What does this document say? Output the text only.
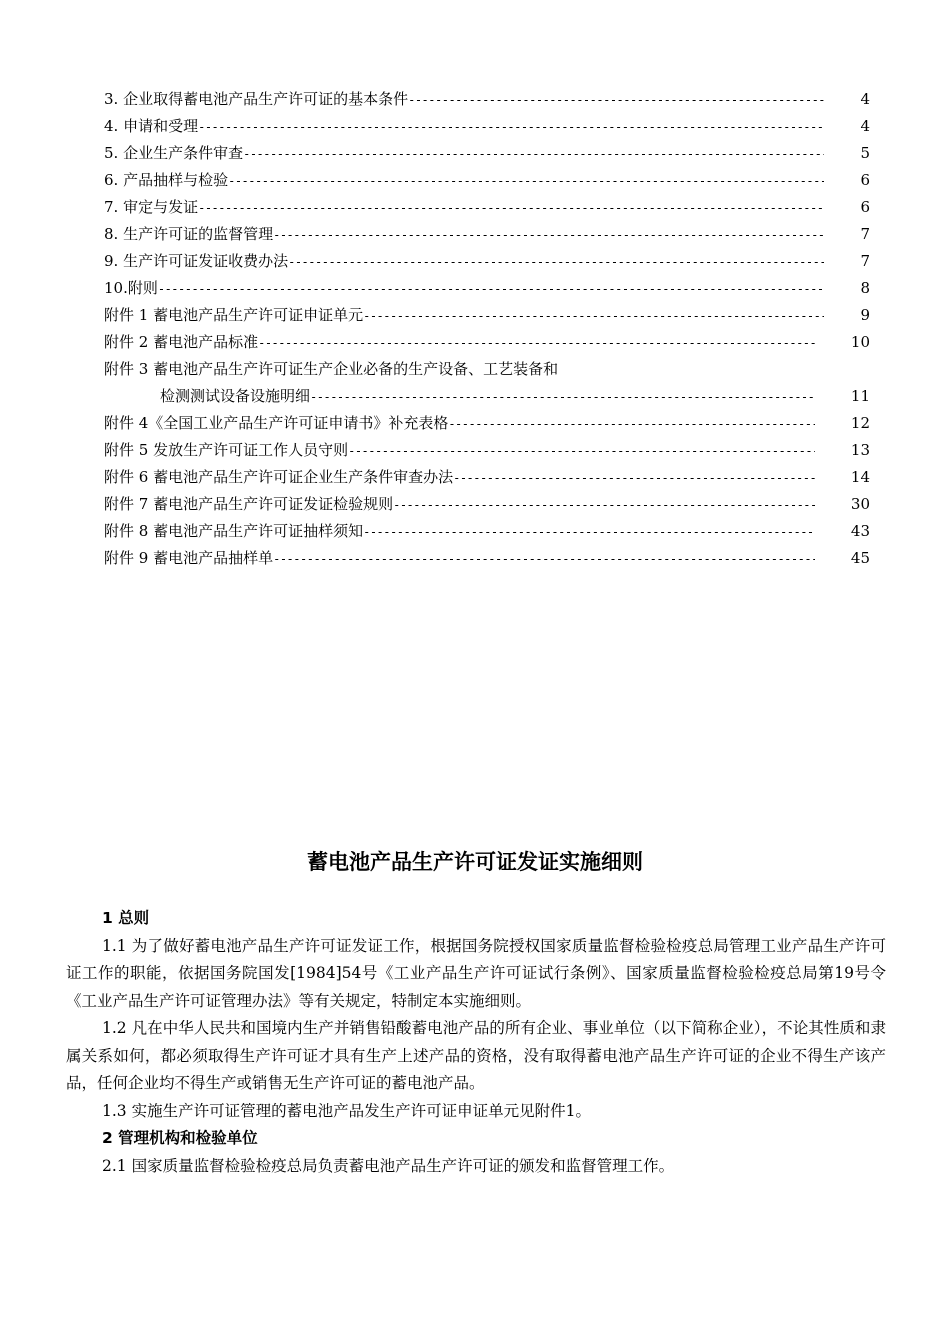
3. 企业取得蓄电池产品生产许可证的基本条件 -----	4
4. 申请和受理 -----	4
5. 企业生产条件审查 -----	5
6. 产品抽样与检验 -----	6
7. 审定与发证 -----	6
8. 生产许可证的监督管理 -----	7
9. 生产许可证发证收费办法 -----	7
10.附则 -----	8
附件 1 蓄电池产品生产许可证申证单元 -----	9
附件 2 蓄电池产品标准 -----	10
附件 3 蓄电池产品生产许可证生产企业必备的生产设备、工艺装备和
检测测试设备设施明细 -----	11
附件 4《全国工业产品生产许可证申请书》补充表格 -----	12
附件 5 发放生产许可证工作人员守则 -----	13
附件 6 蓄电池产品生产许可证企业生产条件审查办法 -----	14
附件 7 蓄电池产品生产许可证发证检验规则 -----	30
附件 8 蓄电池产品生产许可证抽样须知 -----	43
附件 9 蓄电池产品抽样单 -----	45
蓄电池产品生产许可证发证实施细则
1 总则

1.1 为了做好蓄电池产品生产许可证发证工作，根据国务院授权国家质量监督检验检疫总局管理工业产品生产许可证工作的职能，依据国务院国发[1984]54号《工业产品生产许可证试行条例》、国家质量监督检验检疫总局第19号令《工业产品生产许可证管理办法》等有关规定，特制定本实施细则。

1.2 凡在中华人民共和国境内生产并销售铅酸蓄电池产品的所有企业、事业单位（以下简称企业），不论其性质和隶属关系如何，都必须取得生产许可证才具有生产上述产品的资格，没有取得蓄电池产品生产许可证的企业不得生产该产品，任何企业均不得生产或销售无生产许可证的蓄电池产品。

1.3 实施生产许可证管理的蓄电池产品发生产许可证申证单元见附件1。

2 管理机构和检验单位

2.1 国家质量监督检验检疫总局负责蓄电池产品生产许可证的颁发和监督管理工作。
